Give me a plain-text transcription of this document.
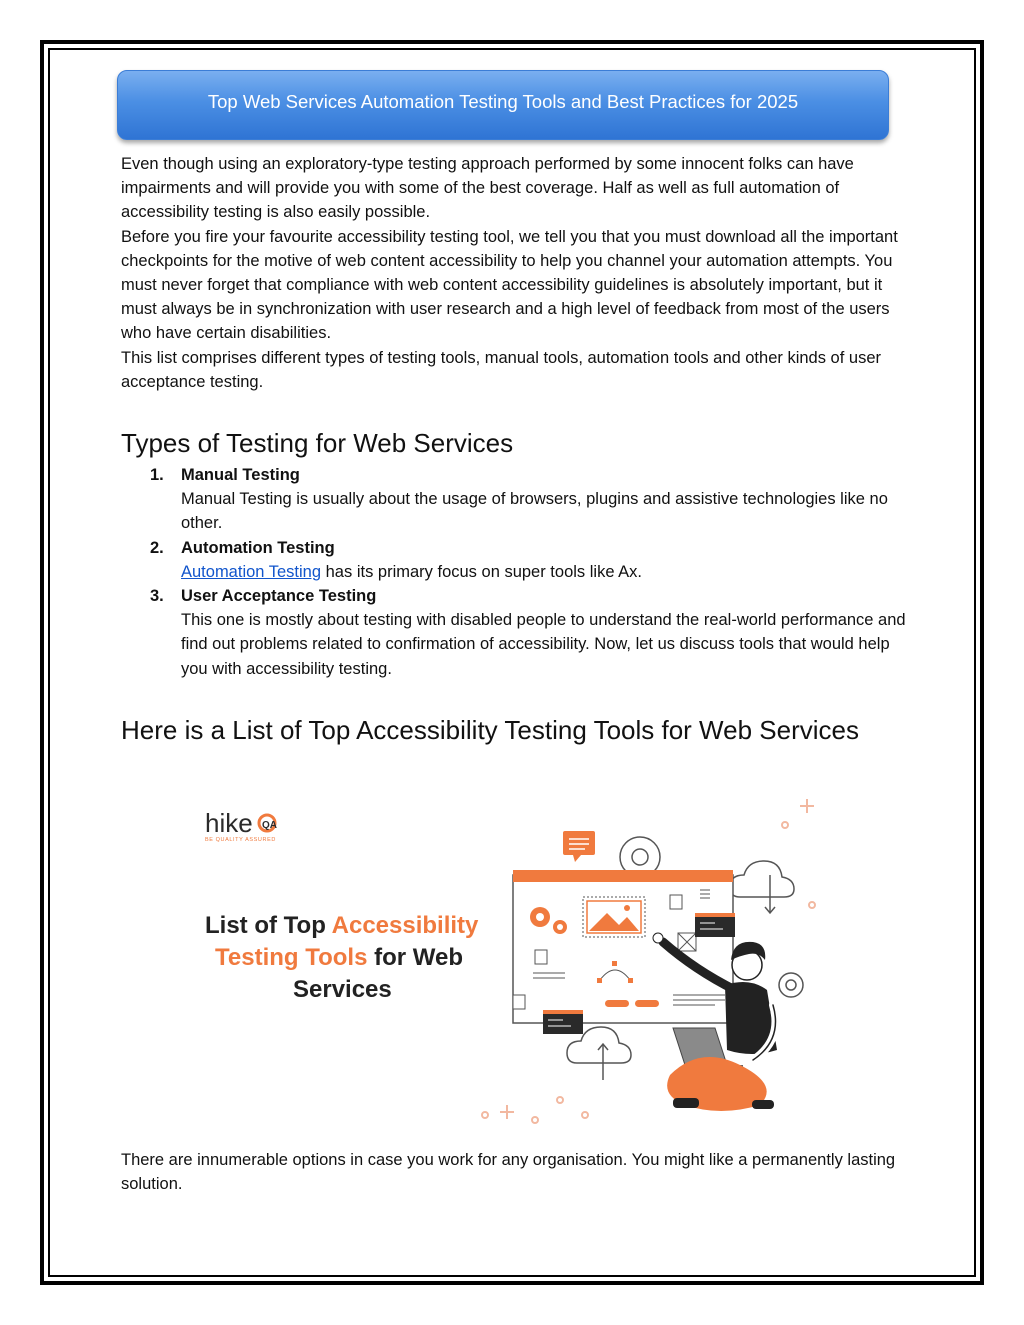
Top Web Services Automation Testing Tools and Best Practices for 2025

Even though using an exploratory-type testing approach performed by some innocent folks can have impairments and will provide you with some of the best coverage. Half as well as full automation of accessibility testing is also easily possible.

Before you fire your favourite accessibility testing tool, we tell you that you must download all the important checkpoints for the motive of web content accessibility to help you channel your automation attempts. You must never forget that compliance with web content accessibility guidelines is absolutely important, but it must always be in synchronization with user research and a high level of feedback from most of the users who have certain disabilities.

This list comprises different types of testing tools, manual tools, automation tools and other kinds of user acceptance testing.

Types of Testing for Web Services
1. Manual Testing
Manual Testing is usually about the usage of browsers, plugins and assistive technologies like no other.
2. Automation Testing
Automation Testing has its primary focus on super tools like Ax.
3. User Acceptance Testing
This one is mostly about testing with disabled people to understand the real-world performance and find out problems related to confirmation of accessibility. Now, let us discuss tools that would help you with accessibility testing.
Here is a List of Top Accessibility Testing Tools for Web Services
hike QA
BE QUALITY ASSURED
List of Top Accessibility
Testing Tools for Web
Services

There are innumerable options in case you work for any organisation. You might like a permanently lasting solution.
